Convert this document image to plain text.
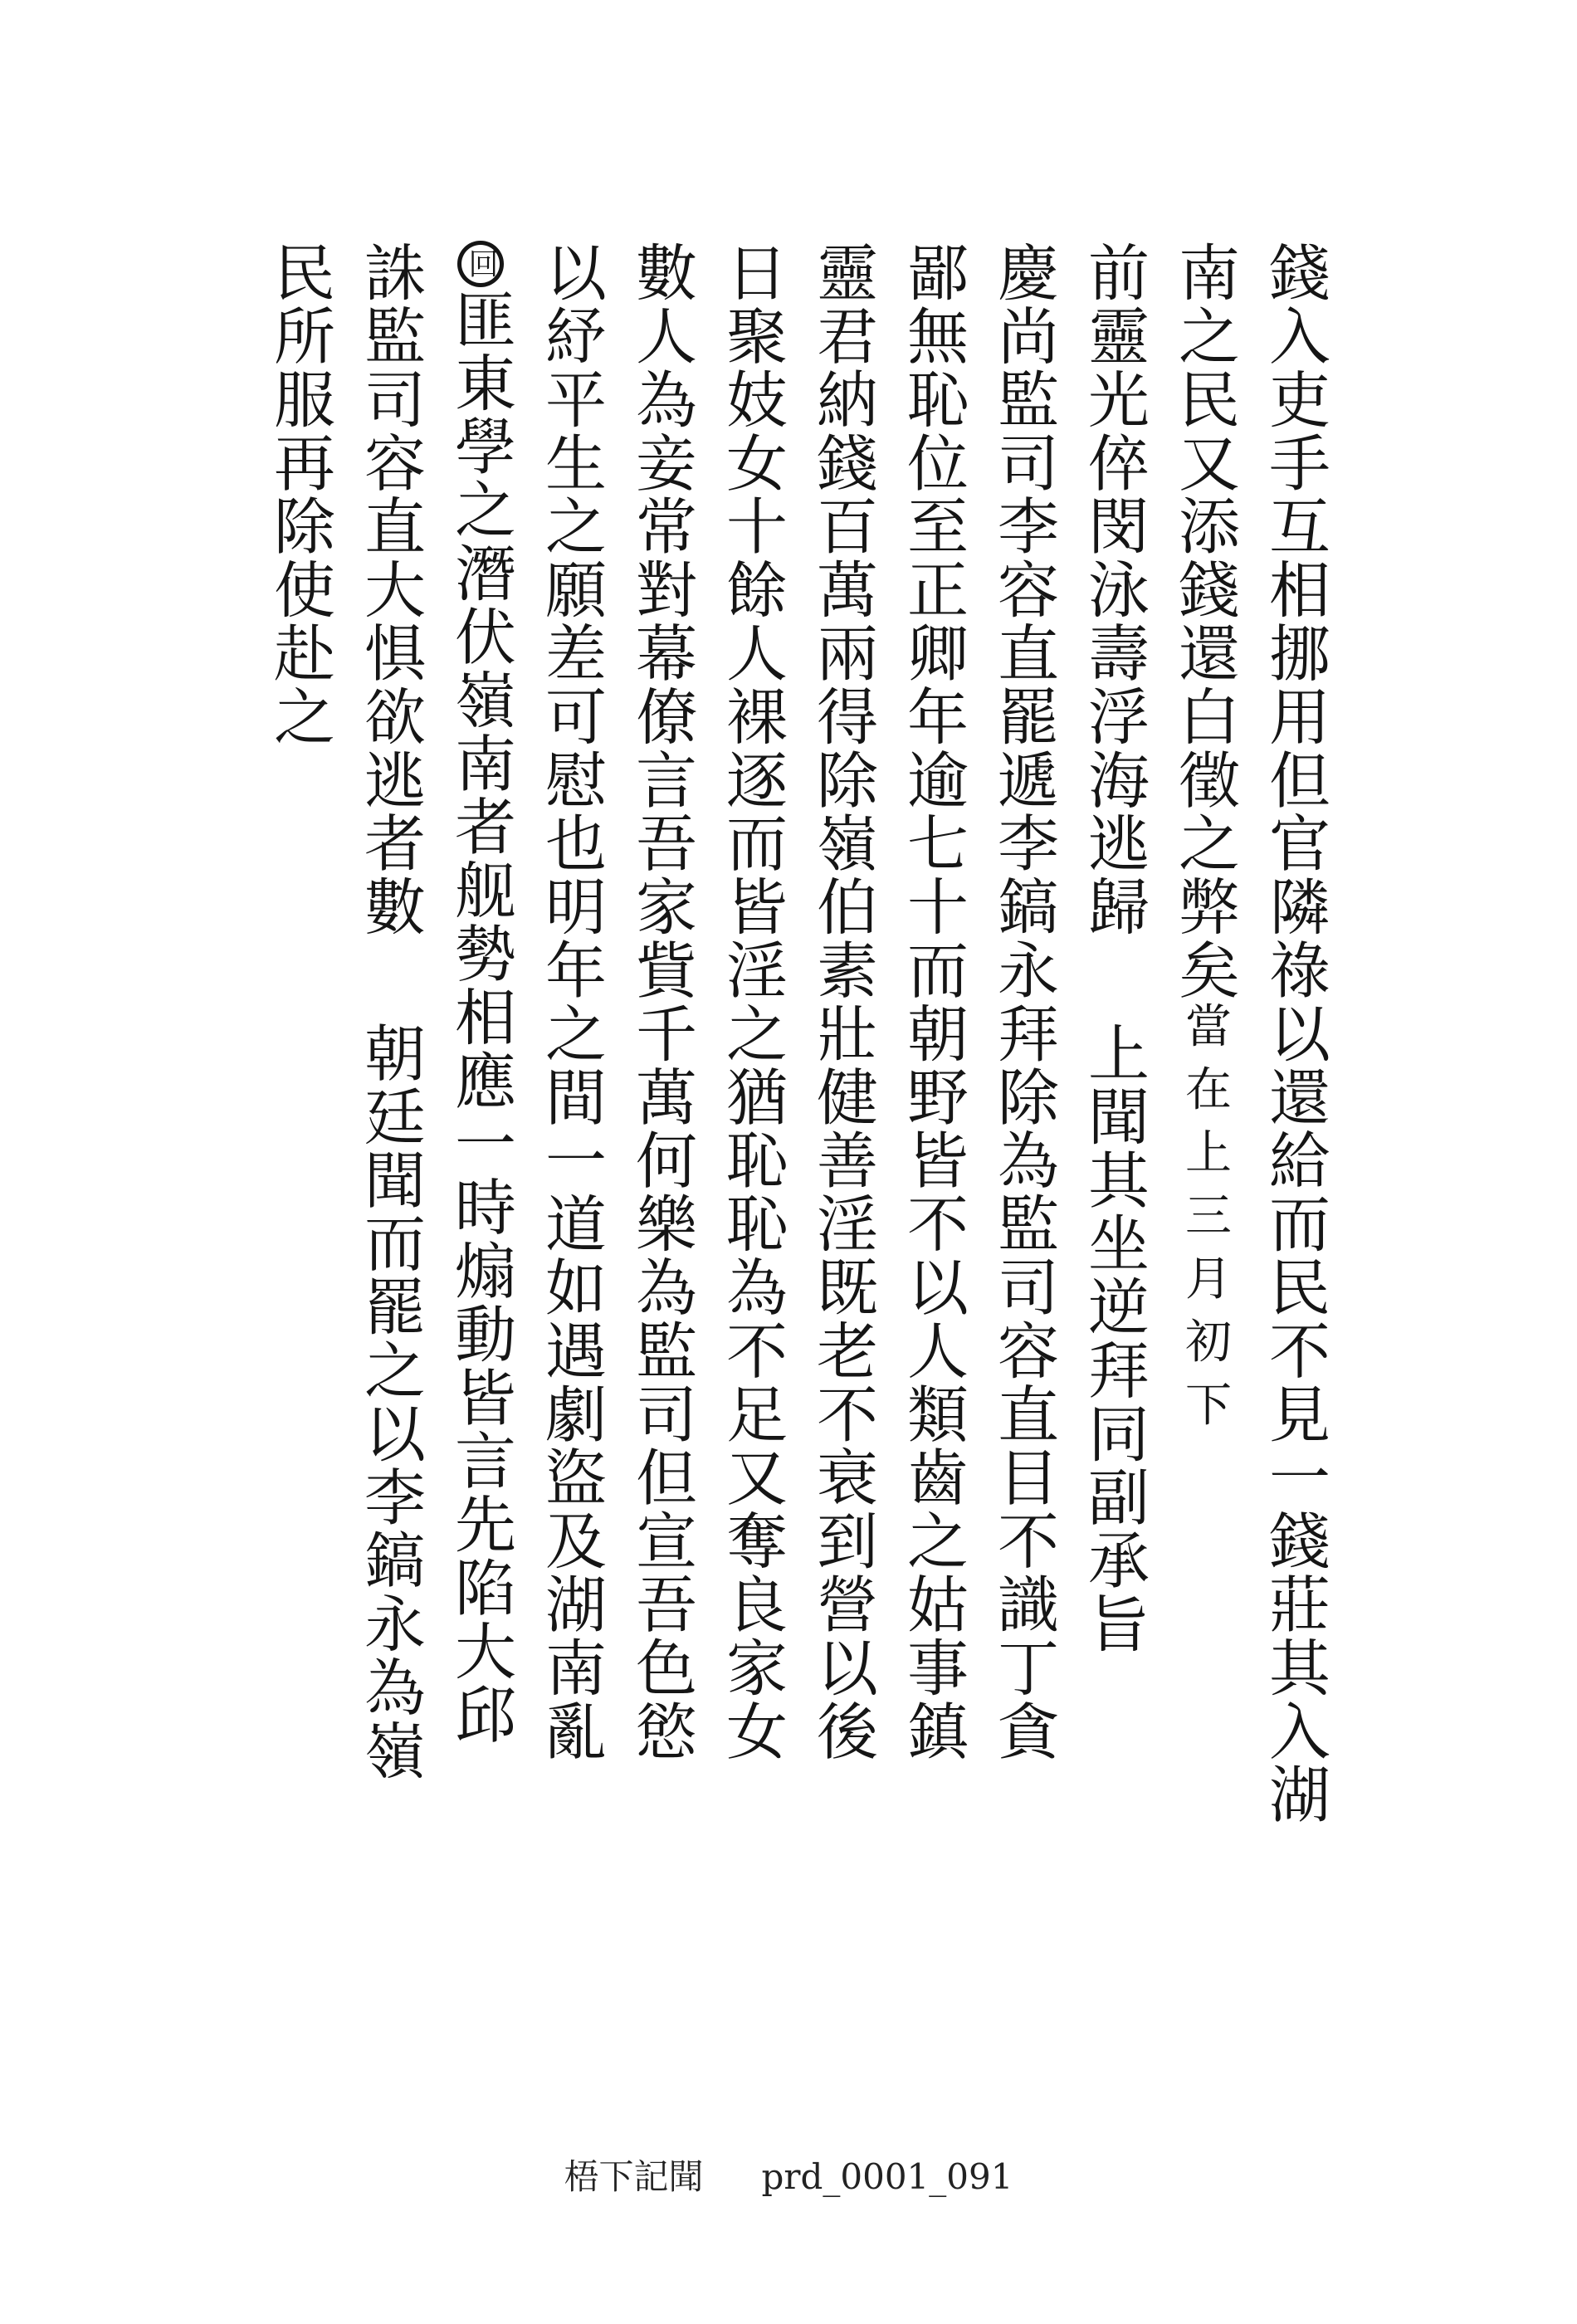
錢入吏手互相挪用但官隣祿以還給而民不見一錢莊其入湖
南之民又添錢還白徵之弊矣當在上三月初下
前靈光倅閔泳壽浮海逃歸上聞其坐逆拜同副承旨
慶尚監司李容直罷遞李鎬永拜除為監司容直目不識丁貪
鄙無恥位至正卿年逾七十而朝野皆不以人類齒之姑事鎮
靈君納錢百萬兩得除嶺伯素壯健善淫既老不衰到營以後
日聚妓女十餘人裸逐而皆淫之猶恥恥為不足又奪良家女
數人為妾常對幕僚言吾家貲千萬何樂為監司但宣吾色慾
以紓平生之願差可慰也明年之間一道如遇劇盜及湖南亂
回匪東學之潛伏嶺南者舰勢相應一時煽動皆言先陷大邱
誅監司容直大惧欲逃者數朝廷聞而罷之以李鎬永為嶺
民所服再除使赴之
梧下記聞 prd_0001_091
